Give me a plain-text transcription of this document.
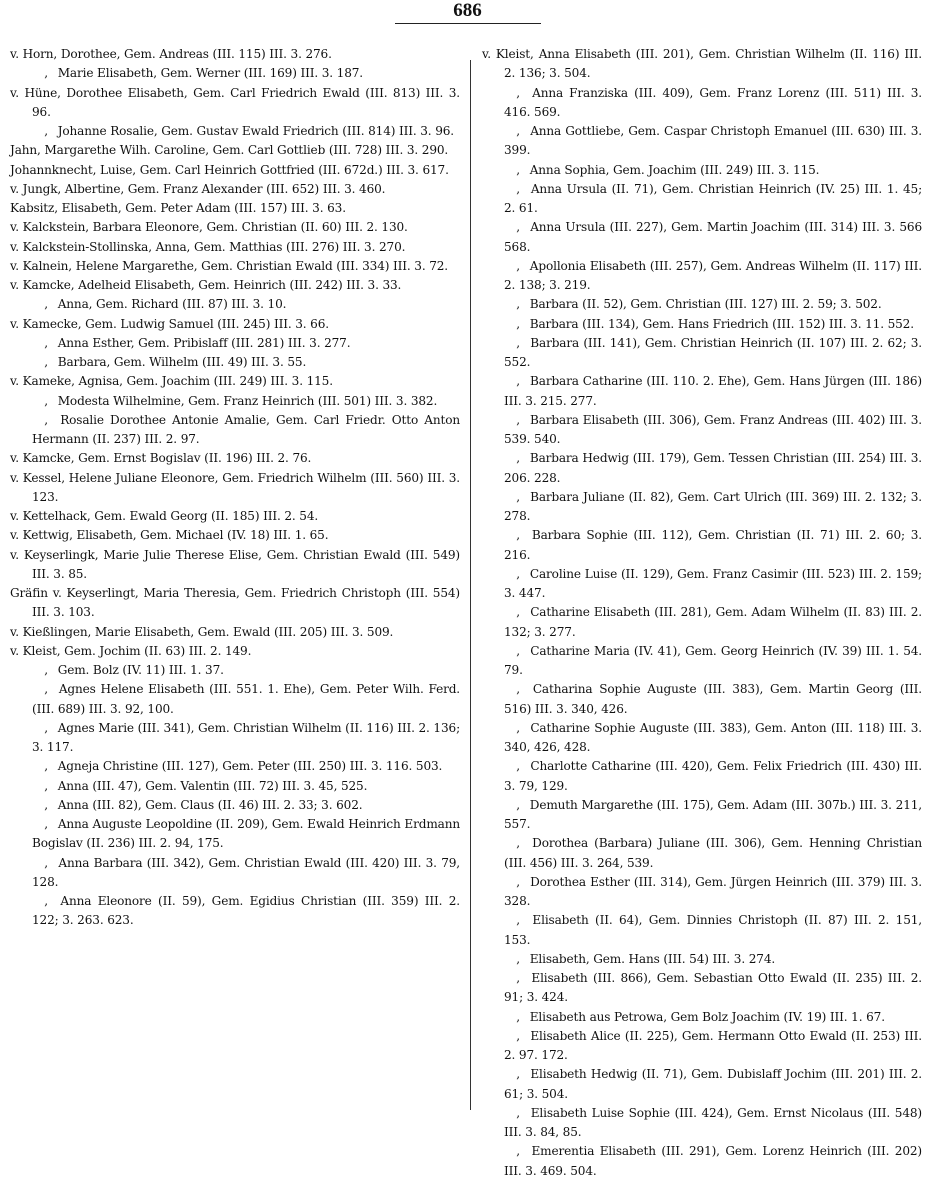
686

v. Horn, Dorothee, Gem. Andreas (III. 115) III. 3. 276.

, Marie Elisabeth, Gem. Werner (III. 169) III. 3. 187.

v. Hüne, Dorothee Elisabeth, Gem. Carl Friedrich Ewald (III. 813) III. 3. 96.

, Johanne Rosalie, Gem. Gustav Ewald Friedrich (III. 814) III. 3. 96.

Jahn, Margarethe Wilh. Caroline, Gem. Carl Gottlieb (III. 728) III. 3. 290.

Johannknecht, Luise, Gem. Carl Heinrich Gottfried (III. 672d.) III. 3. 617.

v. Jungk, Albertine, Gem. Franz Alexander (III. 652) III. 3. 460.

Kabsitz, Elisabeth, Gem. Peter Adam (III. 157) III. 3. 63.

v. Kalckstein, Barbara Eleonore, Gem. Christian (II. 60) III. 2. 130.

v. Kalckstein-Stollinska, Anna, Gem. Matthias (III. 276) III. 3. 270.

v. Kalnein, Helene Margarethe, Gem. Christian Ewald (III. 334) III. 3. 72.

v. Kamcke, Adelheid Elisabeth, Gem. Heinrich (III. 242) III. 3. 33.

, Anna, Gem. Richard (III. 87) III. 3. 10.

v. Kamecke, Gem. Ludwig Samuel (III. 245) III. 3. 66.

, Anna Esther, Gem. Pribislaff (III. 281) III. 3. 277.

, Barbara, Gem. Wilhelm (III. 49) III. 3. 55.

v. Kameke, Agnisa, Gem. Joachim (III. 249) III. 3. 115.

, Modesta Wilhelmine, Gem. Franz Heinrich (III. 501) III. 3. 382.

, Rosalie Dorothee Antonie Amalie, Gem. Carl Friedr. Otto Anton Hermann (II. 237) III. 2. 97.

v. Kamcke, Gem. Ernst Bogislav (II. 196) III. 2. 76.

v. Kessel, Helene Juliane Eleonore, Gem. Friedrich Wilhelm (III. 560) III. 3. 123.

v. Kettelhack, Gem. Ewald Georg (II. 185) III. 2. 54.

v. Kettwig, Elisabeth, Gem. Michael (IV. 18) III. 1. 65.

v. Keyserlingk, Marie Julie Therese Elise, Gem. Christian Ewald (III. 549) III. 3. 85.

Gräfin v. Keyserlingt, Maria Theresia, Gem. Friedrich Christoph (III. 554) III. 3. 103.

v. Kießlingen, Marie Elisabeth, Gem. Ewald (III. 205) III. 3. 509.

v. Kleist, Gem. Jochim (II. 63) III. 2. 149.

, Gem. Bolz (IV. 11) III. 1. 37.

, Agnes Helene Elisabeth (III. 551. 1. Ehe), Gem. Peter Wilh. Ferd. (III. 689) III. 3. 92, 100.

, Agnes Marie (III. 341), Gem. Christian Wilhelm (II. 116) III. 2. 136; 3. 117.

, Agneja Christine (III. 127), Gem. Peter (III. 250) III. 3. 116. 503.

, Anna (III. 47), Gem. Valentin (III. 72) III. 3. 45, 525.

, Anna (III. 82), Gem. Claus (II. 46) III. 2. 33; 3. 602.

, Anna Auguste Leopoldine (II. 209), Gem. Ewald Heinrich Erdmann Bogislav (II. 236) III. 2. 94, 175.

, Anna Barbara (III. 342), Gem. Christian Ewald (III. 420) III. 3. 79, 128.

, Anna Eleonore (II. 59), Gem. Egidius Christian (III. 359) III. 2. 122; 3. 263. 623.

v. Kleist, Anna Elisabeth (III. 201), Gem. Christian Wilhelm (II. 116) III. 2. 136; 3. 504.

, Anna Franziska (III. 409), Gem. Franz Lorenz (III. 511) III. 3. 416. 569.

, Anna Gottliebe, Gem. Caspar Christoph Emanuel (III. 630) III. 3. 399.

, Anna Sophia, Gem. Joachim (III. 249) III. 3. 115.

, Anna Ursula (II. 71), Gem. Christian Heinrich (IV. 25) III. 1. 45; 2. 61.

, Anna Ursula (III. 227), Gem. Martin Joachim (III. 314) III. 3. 566 568.

, Apollonia Elisabeth (III. 257), Gem. Andreas Wilhelm (II. 117) III. 2. 138; 3. 219.

, Barbara (II. 52), Gem. Christian (III. 127) III. 2. 59; 3. 502.

, Barbara (III. 134), Gem. Hans Friedrich (III. 152) III. 3. 11. 552.

, Barbara (III. 141), Gem. Christian Heinrich (II. 107) III. 2. 62; 3. 552.

, Barbara Catharine (III. 110. 2. Ehe), Gem. Hans Jürgen (III. 186) III. 3. 215. 277.

, Barbara Elisabeth (III. 306), Gem. Franz Andreas (III. 402) III. 3. 539. 540.

, Barbara Hedwig (III. 179), Gem. Tessen Christian (III. 254) III. 3. 206. 228.

, Barbara Juliane (II. 82), Gem. Cart Ulrich (III. 369) III. 2. 132; 3. 278.

, Barbara Sophie (III. 112), Gem. Christian (II. 71) III. 2. 60; 3. 216.

, Caroline Luise (II. 129), Gem. Franz Casimir (III. 523) III. 2. 159; 3. 447.

, Catharine Elisabeth (III. 281), Gem. Adam Wilhelm (II. 83) III. 2. 132; 3. 277.

, Catharine Maria (IV. 41), Gem. Georg Heinrich (IV. 39) III. 1. 54. 79.

, Catharina Sophie Auguste (III. 383), Gem. Martin Georg (III. 516) III. 3. 340, 426.

, Catharine Sophie Auguste (III. 383), Gem. Anton (III. 118) III. 3. 340, 426, 428.

, Charlotte Catharine (III. 420), Gem. Felix Friedrich (III. 430) III. 3. 79, 129.

, Demuth Margarethe (III. 175), Gem. Adam (III. 307b.) III. 3. 211, 557.

, Dorothea (Barbara) Juliane (III. 306), Gem. Henning Christian (III. 456) III. 3. 264, 539.

, Dorothea Esther (III. 314), Gem. Jürgen Heinrich (III. 379) III. 3. 328.

, Elisabeth (II. 64), Gem. Dinnies Christoph (II. 87) III. 2. 151, 153.

, Elisabeth, Gem. Hans (III. 54) III. 3. 274.

, Elisabeth (III. 866), Gem. Sebastian Otto Ewald (II. 235) III. 2. 91; 3. 424.

, Elisabeth aus Petrowa, Gem Bolz Joachim (IV. 19) III. 1. 67.

, Elisabeth Alice (II. 225), Gem. Hermann Otto Ewald (II. 253) III. 2. 97. 172.

, Elisabeth Hedwig (II. 71), Gem. Dubislaff Jochim (III. 201) III. 2. 61; 3. 504.

, Elisabeth Luise Sophie (III. 424), Gem. Ernst Nicolaus (III. 548) III. 3. 84, 85.

, Emerentia Elisabeth (III. 291), Gem. Lorenz Heinrich (III. 202) III. 3. 469. 504.
